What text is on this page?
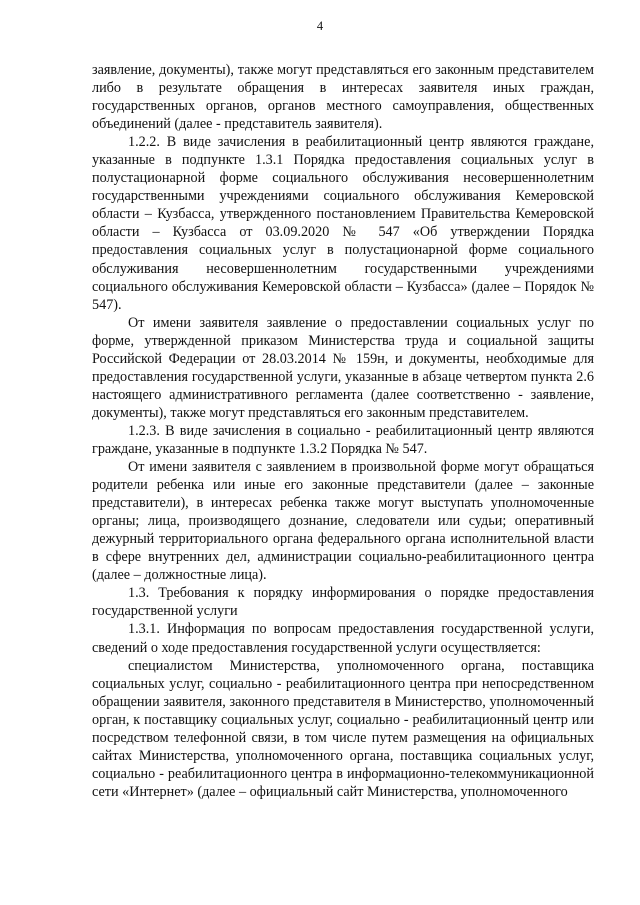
4

заявление, документы), также могут представляться его законным представителем либо в результате обращения в интересах заявителя иных граждан, государственных органов, органов местного самоуправления, общественных объединений (далее - представитель заявителя).

1.2.2. В виде зачисления в реабилитационный центр являются граждане, указанные в подпункте 1.3.1 Порядка предоставления социальных услуг в полустационарной форме социального обслуживания несовершеннолетним государственными учреждениями социального обслуживания Кемеровской области – Кузбасса, утвержденного постановлением Правительства Кемеровской области – Кузбасса от 03.09.2020 № 547 «Об утверждении Порядка предоставления социальных услуг в полустационарной форме социального обслуживания несовершеннолетним государственными учреждениями социального обслуживания Кемеровской области – Кузбасса» (далее – Порядок № 547).

От имени заявителя заявление о предоставлении социальных услуг по форме, утвержденной приказом Министерства труда и социальной защиты Российской Федерации от 28.03.2014 № 159н, и документы, необходимые для предоставления государственной услуги, указанные в абзаце четвертом пункта 2.6 настоящего административного регламента (далее соответственно - заявление, документы), также могут представляться его законным представителем.

1.2.3. В виде зачисления в социально - реабилитационный центр являются граждане, указанные в подпункте 1.3.2 Порядка № 547.

От имени заявителя с заявлением в произвольной форме могут обращаться родители ребенка или иные его законные представители (далее – законные представители), в интересах ребенка также могут выступать уполномоченные органы; лица, производящего дознание, следователи или судьи; оперативный дежурный территориального органа федерального органа исполнительной власти в сфере внутренних дел, администрации социально-реабилитационного центра (далее – должностные лица).

1.3. Требования к порядку информирования о порядке предоставления государственной услуги

1.3.1. Информация по вопросам предоставления государственной услуги, сведений о ходе предоставления государственной услуги осуществляется:

специалистом Министерства, уполномоченного органа, поставщика социальных услуг, социально - реабилитационного центра при непосредственном обращении заявителя, законного представителя в Министерство, уполномоченный орган, к поставщику социальных услуг, социально - реабилитационный центр или посредством телефонной связи, в том числе путем размещения на официальных сайтах Министерства, уполномоченного органа, поставщика социальных услуг, социально - реабилитационного центра в информационно-телекоммуникационной сети «Интернет» (далее – официальный сайт Министерства, уполномоченного
